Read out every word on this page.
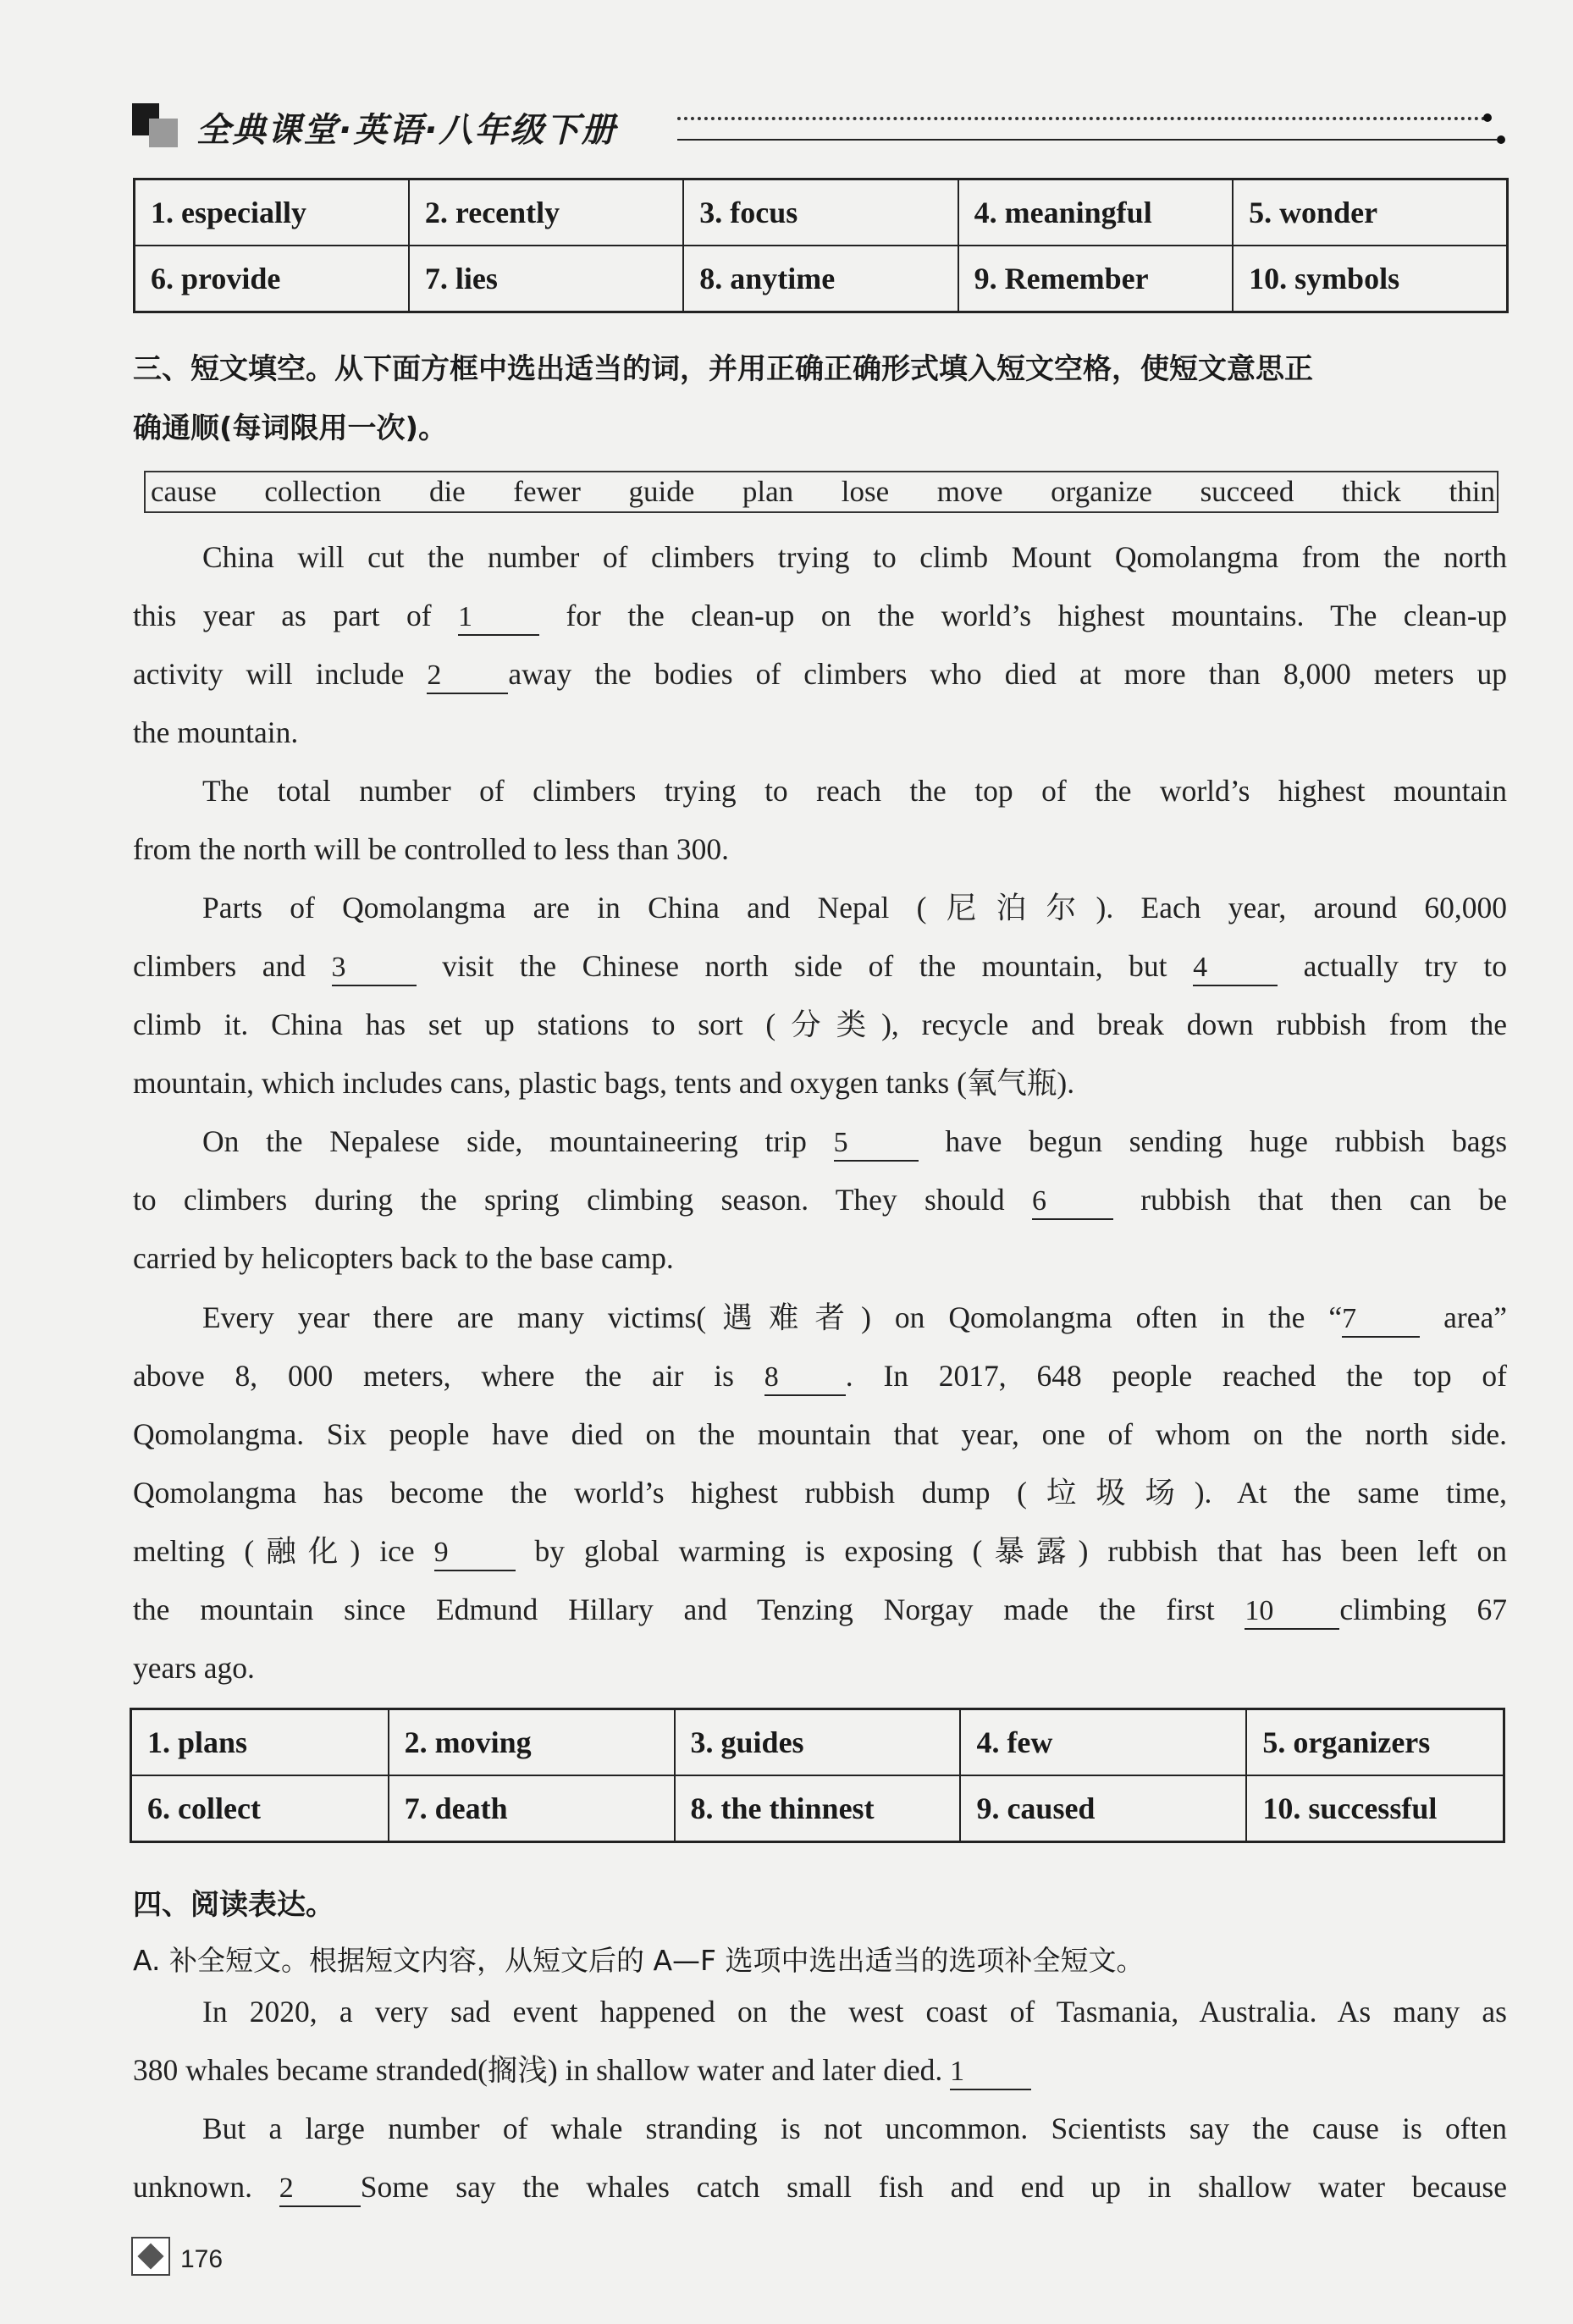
全典课堂·英语·八年级下册
1. especially	2. recently	3. focus	4. meaningful	5. wonder
6. provide	7. lies	8. anytime	9. Remember	10. symbols
三、短文填空。从下面方框中选出适当的词，并用正确正确形式填入短文空格，使短文意思正
确通顺(每词限用一次)。
cause collection die fewer guide plan lose move organize succeed thick thin
China will cut the number of climbers trying to climb Mount Qomolangma from the north
this year as part of 1	for the clean-up on the world’s highest mountains. The clean-up
activity will include 2 away the bodies of climbers who died at more than 8,000 meters up
the mountain.
The total number of climbers trying to reach the top of the world’s highest mountain
from the north will be controlled to less than 300.
Parts of Qomolangma are in China and Nepal (尼泊尔). Each year, around 60,000
climbers and 3	visit the Chinese north side of the mountain, but 4	actually try to
climb it. China has set up stations to sort (分类), recycle and break down rubbish from the
mountain, which includes cans, plastic bags, tents and oxygen tanks (氧气瓶).
On the Nepalese side, mountaineering trip 5	have begun sending huge rubbish bags
to climbers during the spring climbing season. They should 6	rubbish that then can be
carried by helicopters back to the base camp.
Every year there are many victims(遇难者) on Qomolangma often in the “7	area”
above 8, 000 meters, where the air is 8 . In 2017, 648 people reached the top of
Qomolangma. Six people have died on the mountain that year, one of whom on the north side.
Qomolangma has become the world’s highest rubbish dump (垃圾场). At the same time,
melting (融化) ice 9	by global warming is exposing (暴露) rubbish that has been left on
the mountain since Edmund Hillary and Tenzing Norgay made the first 10 climbing 67
years ago.
1. plans	2. moving	3. guides	4. few	5. organizers
6. collect	7. death	8. the thinnest	9. caused	10. successful
四、阅读表达。
A. 补全短文。根据短文内容，从短文后的 A—F 选项中选出适当的选项补全短文。
In 2020, a very sad event happened on the west coast of Tasmania, Australia. As many as
380 whales became stranded(搁浅) in shallow water and later died. 1
But a large number of whale stranding is not uncommon. Scientists say the cause is often
unknown. 2 Some say the whales catch small fish and end up in shallow water because
176
